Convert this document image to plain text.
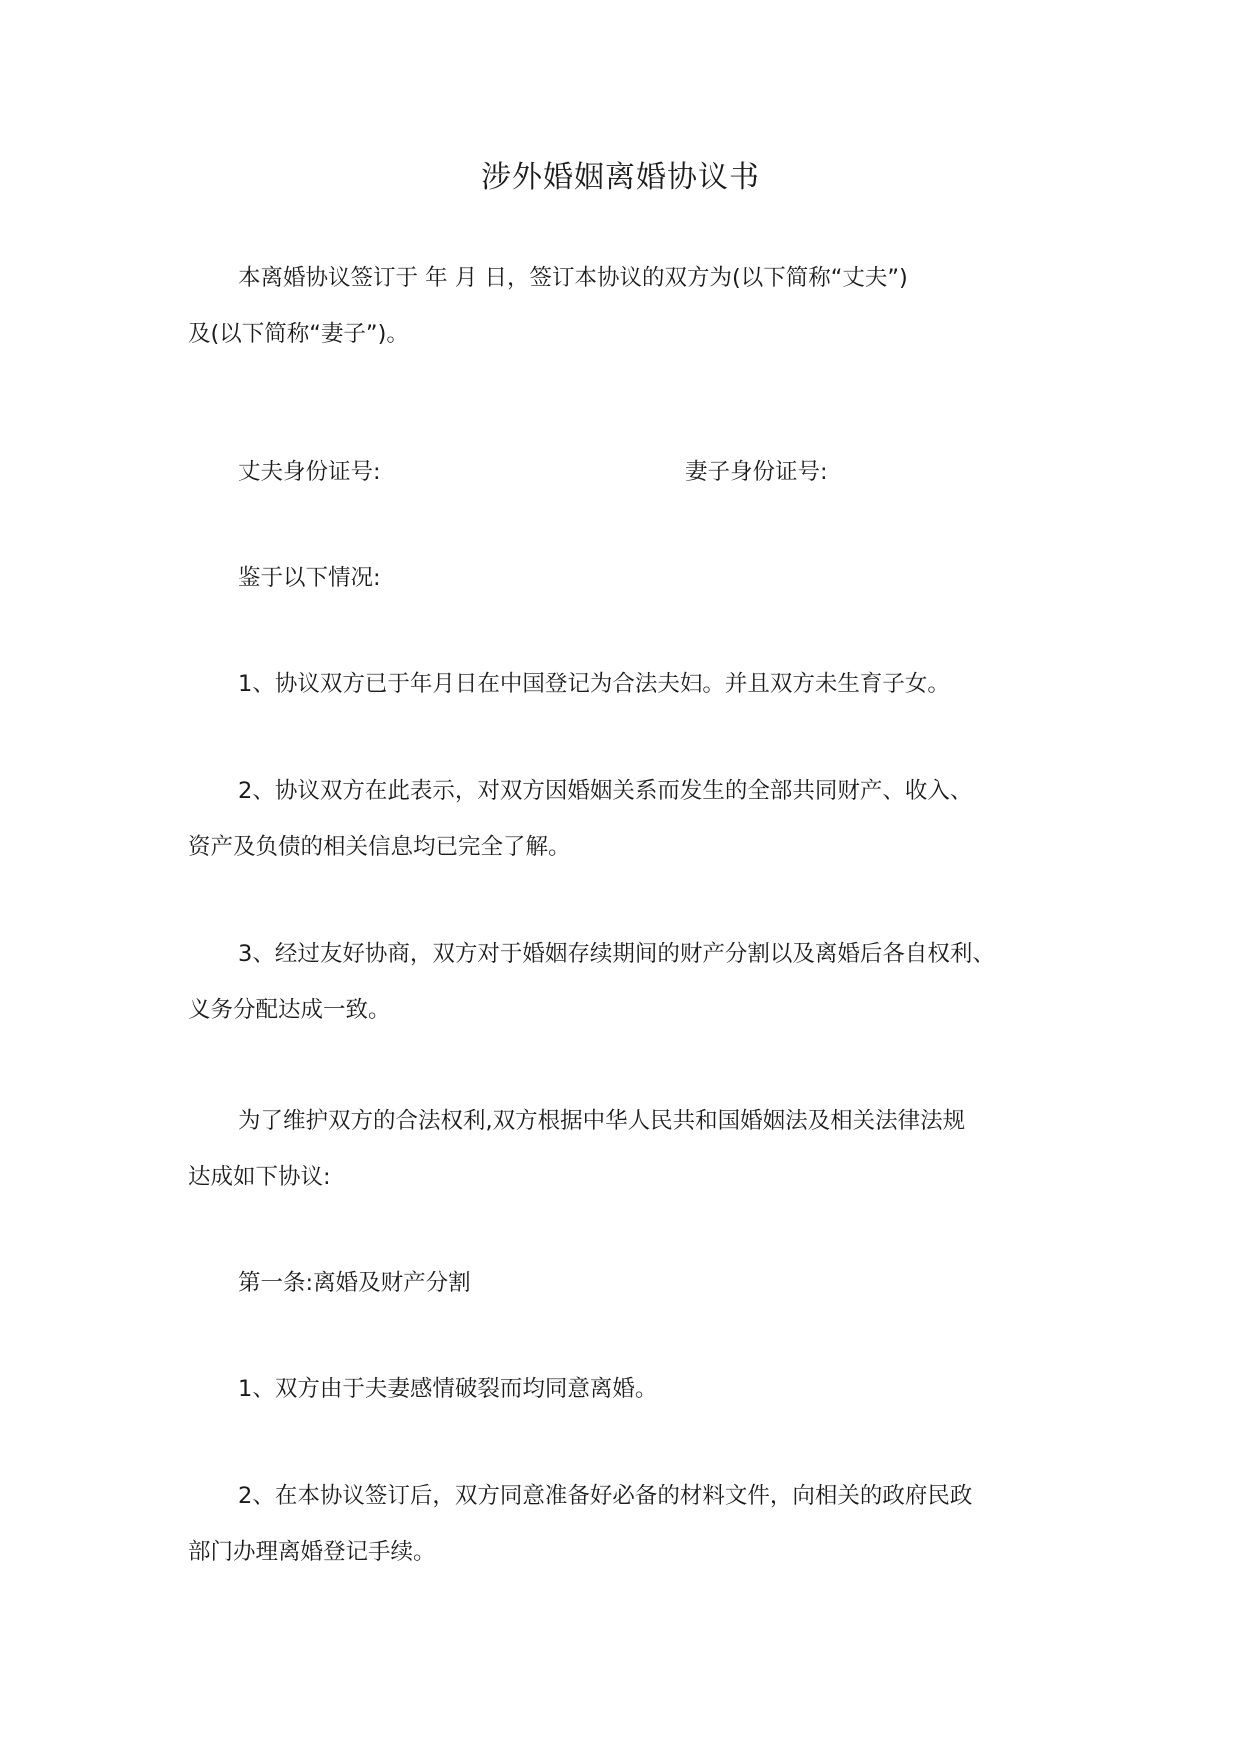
涉外婚姻离婚协议书
本离婚协议签订于 年 月 日，签订本协议的双方为(以下简称“丈夫”)
及(以下简称“妻子”)。
丈夫身份证号:	妻子身份证号:
鉴于以下情况:
1、协议双方已于年月日在中国登记为合法夫妇。并且双方未生育子女。
2、协议双方在此表示，对双方因婚姻关系而发生的全部共同财产、收入、
资产及负债的相关信息均已完全了解。
3、经过友好协商，双方对于婚姻存续期间的财产分割以及离婚后各自权利、
义务分配达成一致。
为了维护双方的合法权利,双方根据中华人民共和国婚姻法及相关法律法规
达成如下协议:
第一条:离婚及财产分割
1、双方由于夫妻感情破裂而均同意离婚。
2、在本协议签订后，双方同意准备好必备的材料文件，向相关的政府民政
部门办理离婚登记手续。
